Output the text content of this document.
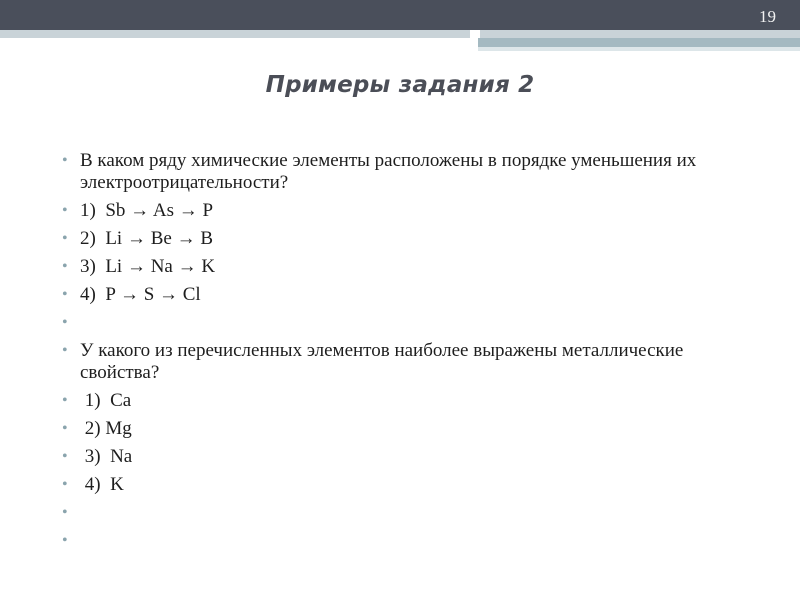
19
Примеры задания 2
• В каком ряду химические элементы расположены в порядке уменьшения их электроотрицательности?
• 1)  Sb → As → P
• 2)  Li → Be → B
• 3)  Li → Na → K
• 4)  P → S → Cl
•
• У какого из перечисленных элементов наиболее выражены металлические свойства?
• 1)  Ca
• 2) Mg
• 3)  Na
• 4)  K
•
•
